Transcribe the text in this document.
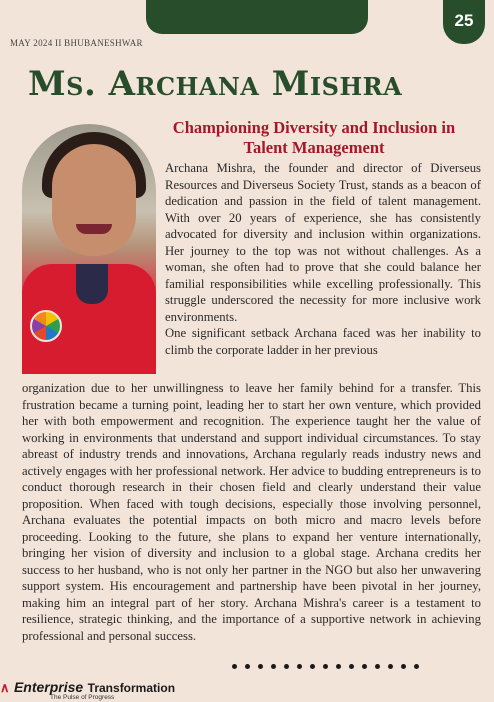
25
MAY 2024 II BHUBANESHWAR
Ms. Archana Mishra
Championing Diversity and Inclusion in Talent Management

Archana Mishra, the founder and director of Diverseus Resources and Diverseus Society Trust, stands as a beacon of dedication and passion in the field of talent management. With over 20 years of experience, she has consistently advocated for diversity and inclusion within organizations. Her journey to the top was not without challenges. As a woman, she often had to prove that she could balance her familial responsibilities while excelling professionally. This struggle underscored the necessity for more inclusive work environments.

One significant setback Archana faced was her inability to climb the corporate ladder in her previous

organization due to her unwillingness to leave her family behind for a transfer. This frustration became a turning point, leading her to start her own venture, which provided her with both empowerment and recognition. The experience taught her the value of working in environments that understand and support individual circumstances. To stay abreast of industry trends and innovations, Archana regularly reads industry news and actively engages with her professional network. Her advice to budding entrepreneurs is to conduct thorough research in their chosen field and clearly understand their value proposition. When faced with tough decisions, especially those involving personnel, Archana evaluates the potential impacts on both micro and macro levels before proceeding. Looking to the future, she plans to expand her venture internationally, bringing her vision of diversity and inclusion to a global stage. Archana credits her success to her husband, who is not only her partner in the NGO but also her unwavering support system. His encouragement and partnership have been pivotal in her journey, making him an integral part of her story. Archana Mishra's career is a testament to resilience, strategic thinking, and the importance of a supportive network in achieving professional and personal success.

∧ Enterprise Transformation
The Pulse of Progress
